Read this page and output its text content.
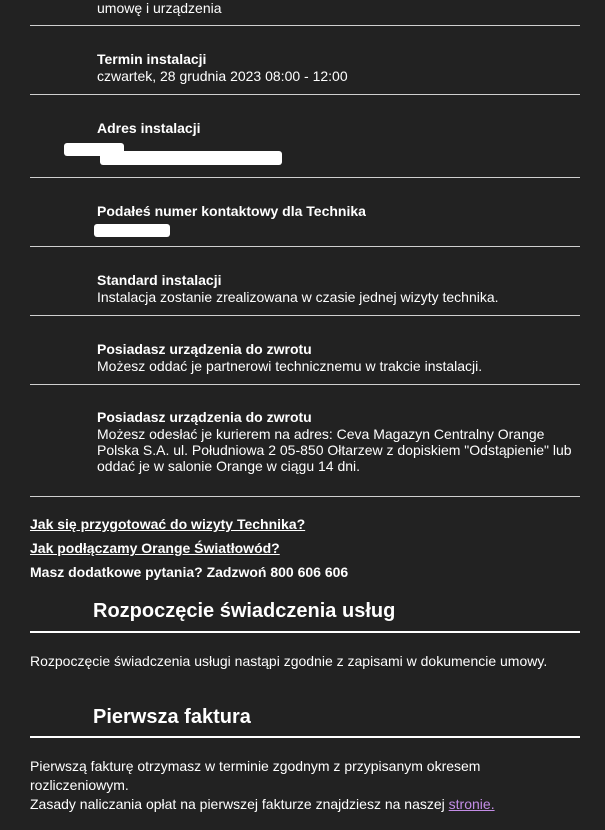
umowę i urządzenia
Termin instalacji
czwartek, 28 grudnia 2023 08:00 - 12:00
Adres instalacji
Podałeś numer kontaktowy dla Technika
Standard instalacji
Instalacja zostanie zrealizowana w czasie jednej wizyty technika.
Posiadasz urządzenia do zwrotu
Możesz oddać je partnerowi technicznemu w trakcie instalacji.
Posiadasz urządzenia do zwrotu
Możesz odesłać je kurierem na adres: Ceva Magazyn Centralny Orange Polska S.A. ul. Południowa 2 05-850 Ołtarzew z dopiskiem "Odstąpienie" lub oddać je w salonie Orange w ciągu 14 dni.
Jak się przygotować do wizyty Technika?
Jak podłączamy Orange Światłowód?
Masz dodatkowe pytania? Zadzwoń 800 606 606
Rozpoczęcie świadczenia usług
Rozpoczęcie świadczenia usługi nastąpi zgodnie z zapisami w dokumencie umowy.
Pierwsza faktura
Pierwszą fakturę otrzymasz w terminie zgodnym z przypisanym okresem rozliczeniowym.
Zasady naliczania opłat na pierwszej fakturze znajdziesz na naszej stronie.
